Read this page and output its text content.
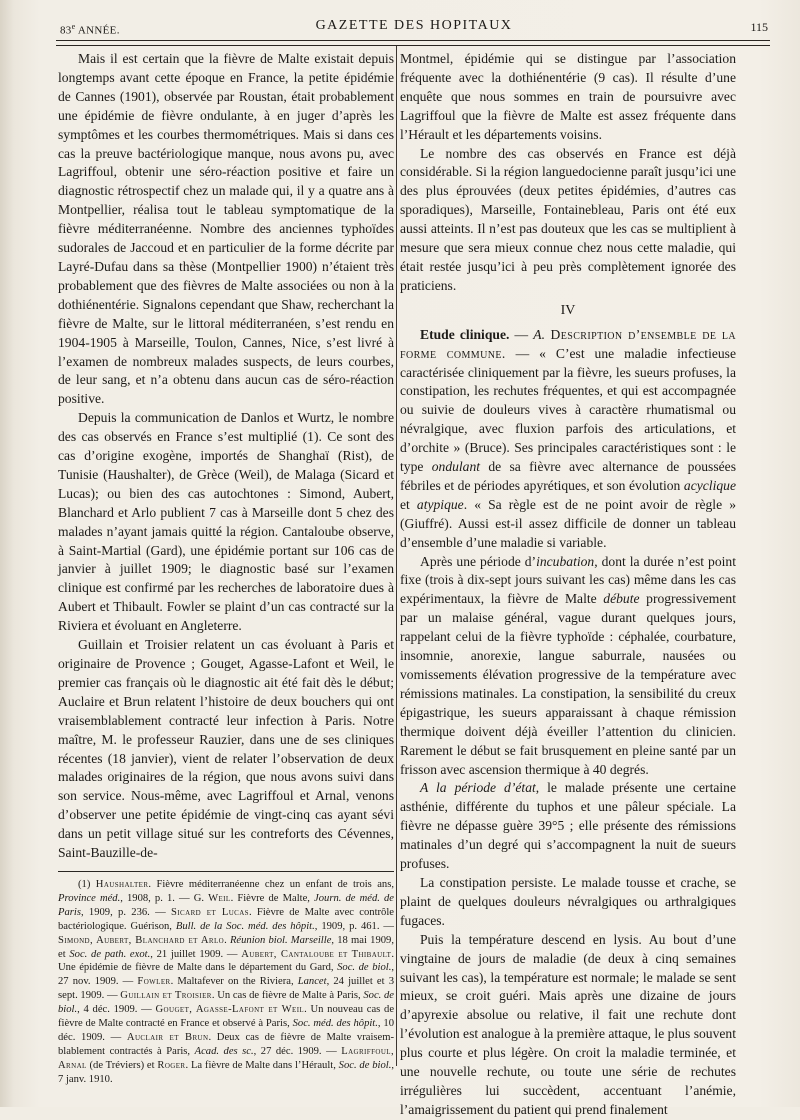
83e ANNÉE.	GAZETTE DES HOPITAUX	115

Mais il est certain que la fièvre de Malte existait depuis longtemps avant cette époque en France, la petite épidémie de Cannes (1901), observée par Roustan, était probablement une épidémie de fièvre ondulante, à en juger d’après les symptômes et les courbes thermométriques. Mais si dans ces cas la preuve bactériologique manque, nous avons pu, avec Lagriffoul, obtenir une séro-réaction positive et faire un diagnostic rétrospectif chez un malade qui, il y a quatre ans à Montpellier, réalisa tout le tableau symptomatique de la fièvre méditerranéenne. Nombre des anciennes typhoïdes sudorales de Jaccoud et en particulier de la forme décrite par Layré-Dufau dans sa thèse (Montpellier 1900) n’étaient très probablement que des fièvres de Malte associées ou non à la dothiénentérie. Signalons cependant que Shaw, recherchant la fièvre de Malte, sur le littoral méditerranéen, s’est rendu en 1904-1905 à Marseille, Toulon, Cannes, Nice, s’est livré à l’examen de nombreux malades suspects, de leurs courbes, de leur sang, et n’a obtenu dans aucun cas de séro-réaction positive.

Depuis la communication de Danlos et Wurtz, le nombre des cas observés en France s’est multiplié (1). Ce sont des cas d’origine exogène, importés de Shanghaï (Rist), de Tunisie (Haushalter), de Grèce (Weil), de Malaga (Sicard et Lucas); ou bien des cas autochtones : Simond, Aubert, Blanchard et Arlo publient 7 cas à Marseille dont 5 chez des malades n’ayant jamais quitté la région. Cantaloube observe, à Saint-Martial (Gard), une épidémie portant sur 106 cas de janvier à juillet 1909; le diagnostic basé sur l’examen clinique est confirmé par les recherches de laboratoire dues à Aubert et Thibault. Fowler se plaint d’un cas contracté sur la Riviera et évoluant en Angleterre.

Guillain et Troisier relatent un cas évoluant à Paris et originaire de Provence ; Gouget, Agasse-Lafont et Weil, le premier cas français où le diagnostic ait été fait dès le début; Auclaire et Brun relatent l’histoire de deux bouchers qui ont vraisemblablement contracté leur infection à Paris. Notre maître, M. le professeur Rauzier, dans une de ses cliniques récentes (18 janvier), vient de relater l’observation de deux malades originaires de la région, que nous avons suivi dans son service. Nous-même, avec Lagriffoul et Arnal, venons d’observer une petite épidémie de vingt-cinq cas ayant sévi dans un petit village situé sur les contreforts des Cévennes, Saint-Bauzille-de-

(1) Haushalter. Fièvre méditerranéenne chez un enfant de trois ans, Province méd., 1908, p. 1. — G. Weil. Fièvre de Malte, Journ. de méd. de Paris, 1909, p. 236. — Sicard et Lucas. Fièvre de Malte avec contrôle bactériologique. Guérison, Bull. de la Soc. méd. des hôpit., 1909, p. 461. — Simond, Aubert, Blanchard et Arlo. Réunion biol. Marseille, 18 mai 1909, et Soc. de path. exot., 21 juillet 1909. — Aubert, Cantaloube et Thibault. Une épidémie de fièvre de Malte dans le département du Gard, Soc. de biol., 27 nov. 1909. — Fowler. Maltafever on the Riviera, Lancet, 24 juillet et 3 sept. 1909. — Guillain et Troisier. Un cas de fièvre de Malte à Paris, Soc. de biol., 4 déc. 1909. — Gouget, Agasse-Lafont et Weil. Un nouveau cas de fièvre de Malte contracté en France et observé à Paris, Soc. méd. des hôpit., 10 déc. 1909. — Auclair et Brun. Deux cas de fièvre de Malte vraisemblablement contractés à Paris, Acad. des sc., 27 déc. 1909. — Lagriffoul, Arnal (de Tréviers) et Roger. La fièvre de Malte dans l’Hérault, Soc. de biol., 7 janv. 1910.

Montmel, épidémie qui se distingue par l’association fréquente avec la dothiénentérie (9 cas). Il résulte d’une enquête que nous sommes en train de poursuivre avec Lagriffoul que la fièvre de Malte est assez fréquente dans l’Hérault et les départements voisins.

Le nombre des cas observés en France est déjà considérable. Si la région languedocienne paraît jusqu’ici une des plus éprouvées (deux petites épidémies, d’autres cas sporadiques), Marseille, Fontainebleau, Paris ont été eux aussi atteints. Il n’est pas douteux que les cas se multiplient à mesure que sera mieux connue chez nous cette maladie, qui était restée jusqu’ici à peu près complètement ignorée des praticiens.

IV

Etude clinique. — A. Description d’ensemble de la forme commune. — « C’est une maladie infectieuse caractérisée cliniquement par la fièvre, les sueurs profuses, la constipation, les rechutes fréquentes, et qui est accompagnée ou suivie de douleurs vives à caractère rhumatismal ou névralgique, avec fluxion parfois des articulations, et d’orchite » (Bruce). Ses principales caractéristiques sont : le type ondulant de sa fièvre avec alternance de poussées fébriles et de périodes apyrétiques, et son évolution acyclique et atypique. « Sa règle est de ne point avoir de règle » (Giuffré). Aussi est-il assez difficile de donner un tableau d’ensemble d’une maladie si variable.

Après une période d’incubation, dont la durée n’est point fixe (trois à dix-sept jours suivant les cas) même dans les cas expérimentaux, la fièvre de Malte débute progressivement par un malaise général, vague durant quelques jours, rappelant celui de la fièvre typhoïde : céphalée, courbature, insomnie, anorexie, langue saburrale, nausées ou vomissements élévation progressive de la température avec rémissions matinales. La constipation, la sensibilité du creux épigastrique, les sueurs apparaissant à chaque rémission thermique doivent déjà éveiller l’attention du clinicien. Rarement le début se fait brusquement en pleine santé par un frisson avec ascension thermique à 40 degrés.

A la période d’état, le malade présente une certaine asthénie, différente du tuphos et une pâleur spéciale. La fièvre ne dépasse guère 39°5 ; elle présente des rémissions matinales d’un degré qui s’accompagnent la nuit de sueurs profuses.

La constipation persiste. Le malade tousse et crache, se plaint de quelques douleurs névralgiques ou arthralgiques fugaces.

Puis la température descend en lysis. Au bout d’une vingtaine de jours de maladie (de deux à cinq semaines suivant les cas), la température est normale; le malade se sent mieux, se croit guéri. Mais après une dizaine de jours d’apyrexie absolue ou relative, il fait une rechute dont l’évolution est analogue à la première attaque, le plus souvent plus courte et plus légère. On croit la maladie terminée, et une nouvelle rechute, ou toute une série de rechutes irrégulières lui succèdent, accentuant l’anémie, l’amaigrissement du patient qui prend finalement
